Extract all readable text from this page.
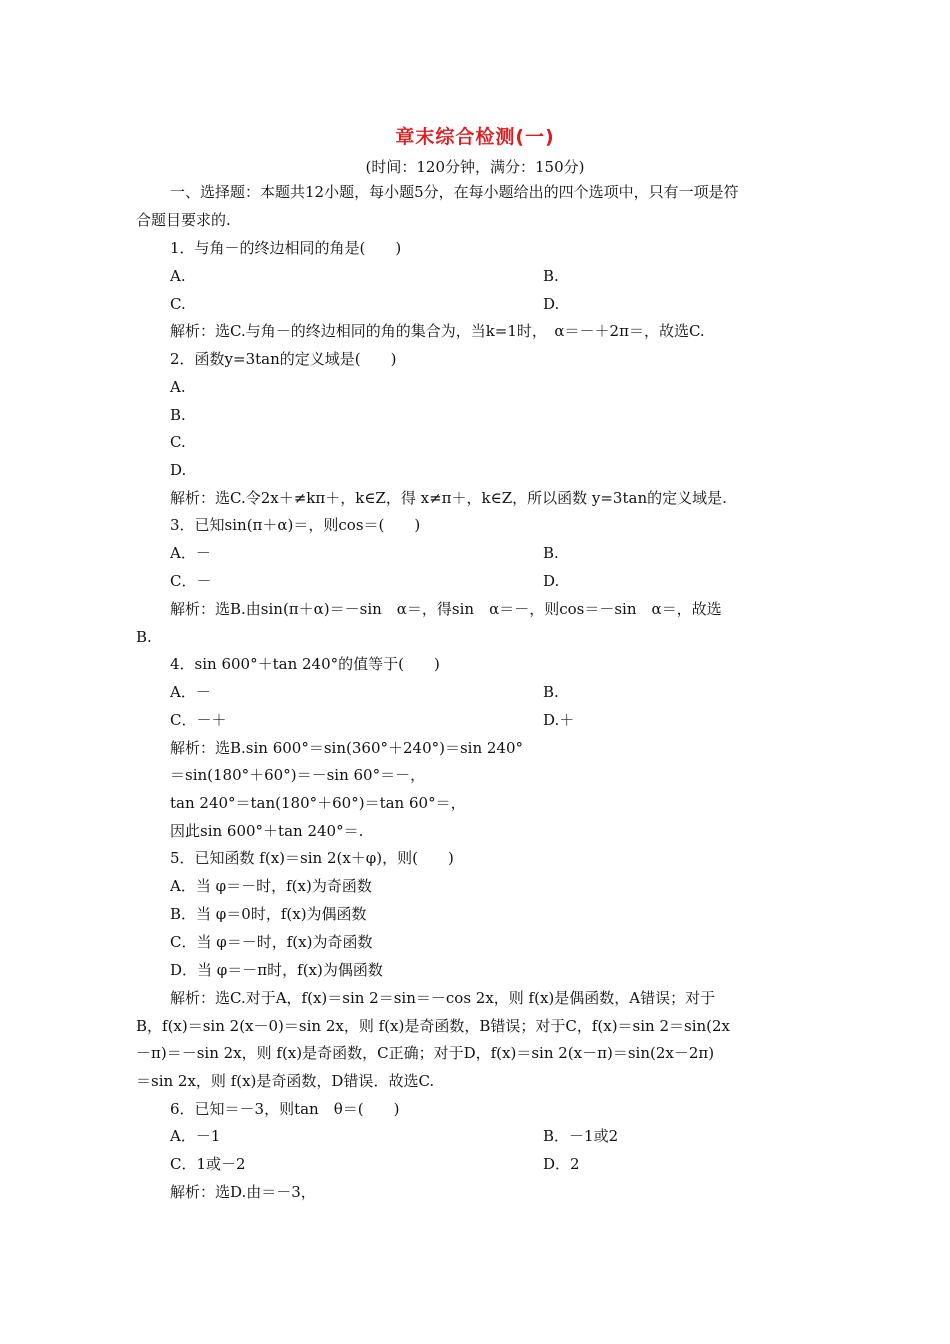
章末综合检测(一)
(时间：120分钟，满分：150分)
一、选择题：本题共12小题，每小题5分，在每小题给出的四个选项中，只有一项是符
合题目要求的.
1．与角－的终边相同的角是(　　)
A.	B.
C.	D.
解析：选C.与角－的终边相同的角的集合为，当k=1时，　α＝－＋2π＝，故选C.
2．函数y=3tan的定义域是(　　)
A.
B.
C.
D.
解析：选C.令2x＋≠kπ＋，k∈Z，得 x≠π＋，k∈Z，所以函数 y=3tan的定义域是.
3．已知sin(π＋α)＝，则cos＝(　　)
A．－	B.
C．－	D.
解析：选B.由sin(π＋α)＝－sin　α＝，得sin　α＝－，则cos＝－sin　α＝，故选
B.
4．sin 600°＋tan 240°的值等于(　　)
A．－	B.
C．－＋	D.＋
解析：选B.sin 600°＝sin(360°＋240°)＝sin 240°
＝sin(180°＋60°)＝－sin 60°＝－，
tan 240°＝tan(180°＋60°)＝tan 60°＝，
因此sin 600°＋tan 240°＝.
5．已知函数 f(x)＝sin 2(x＋φ)，则(　　)
A．当 φ＝－时，f(x)为奇函数
B．当 φ＝0时，f(x)为偶函数
C．当 φ＝－时，f(x)为奇函数
D．当 φ＝－π时，f(x)为偶函数
解析：选C.对于A，f(x)＝sin 2＝sin＝－cos 2x，则 f(x)是偶函数，A错误；对于
B，f(x)＝sin 2(x－0)＝sin 2x，则 f(x)是奇函数，B错误；对于C，f(x)＝sin 2＝sin(2x
－π)＝－sin 2x，则 f(x)是奇函数，C正确；对于D，f(x)＝sin 2(x－π)＝sin(2x－2π)
＝sin 2x，则 f(x)是奇函数，D错误．故选C.
6．已知＝－3，则tan　θ＝(　　)
A．－1	B．－1或2
C．1或－2	D．2
解析：选D.由＝－3，
